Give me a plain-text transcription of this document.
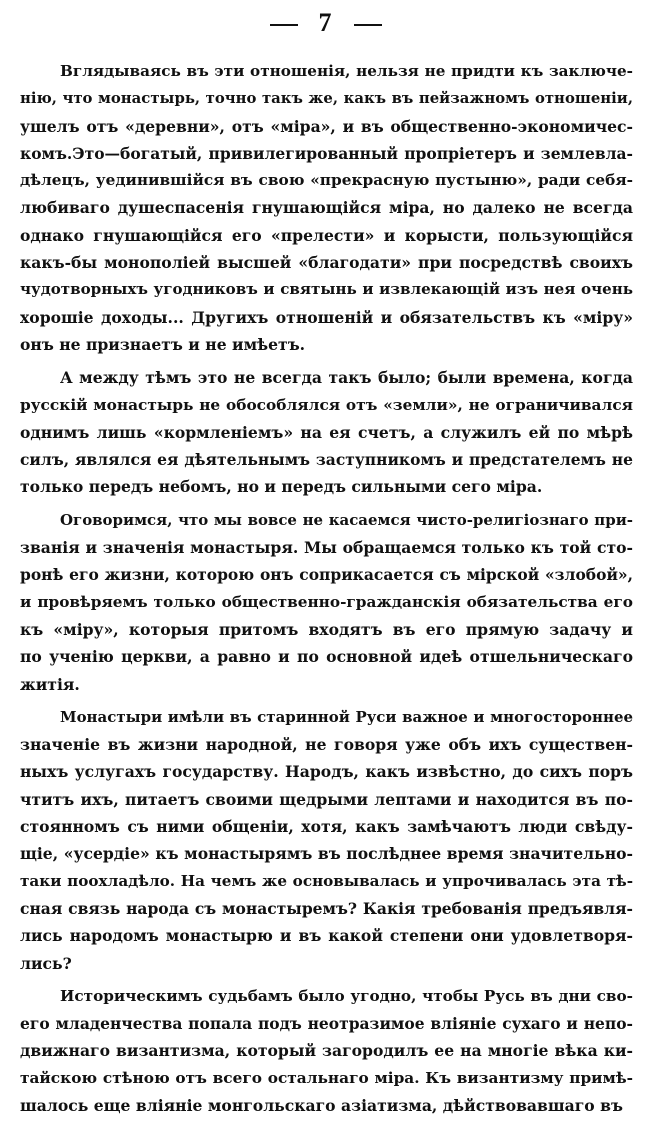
7
Вглядываясь въ эти отношенія, нельзя не придти къ заключе-
нію, что монастырь, точно такъ же, какъ въ пейзажномъ отношеніи,
ушелъ отъ «деревни», отъ «міра», и въ общественно-экономичес-
комъ.Это—богатый, привилегированный пропріетеръ и землевла-
дѣлецъ, уединившійся въ свою «прекрасную пустыню», ради себя-
любиваго душеспасенія гнушающійся міра, но далеко не всегда
однако гнушающійся его «прелести» и корысти, пользующійся
какъ-бы монополіей высшей «благодати» при посредствѣ своихъ
чудотворныхъ угодниковъ и святынь и извлекающій изъ нея очень
хорошіе доходы... Другихъ отношеній и обязательствъ къ «міру»
онъ не признаетъ и не имѣетъ.
А между тѣмъ это не всегда такъ было; были времена, когда
русскій монастырь не обособлялся отъ «земли», не ограничивался
однимъ лишь «кормленіемъ» на ея счетъ, а служилъ ей по мѣрѣ
силъ, являлся ея дѣятельнымъ заступникомъ и предстателемъ не
только передъ небомъ, но и передъ сильными сего міра.
Оговоримся, что мы вовсе не касаемся чисто-религіознаго при-
званія и значенія монастыря. Мы обращаемся только къ той сто-
ронѣ его жизни, которою онъ соприкасается съ мірской «злобой»,
и провѣряемъ только общественно-гражданскія обязательства его
къ «міру», которыя притомъ входятъ въ его прямую задачу и
по ученію церкви, а равно и по основной идеѣ отшельническаго
житія.
Монастыри имѣли въ старинной Руси важное и многостороннее
значеніе въ жизни народной, не говоря уже объ ихъ существен-
ныхъ услугахъ государству. Народъ, какъ извѣстно, до сихъ поръ
чтитъ ихъ, питаетъ своими щедрыми лептами и находится въ по-
стоянномъ съ ними общеніи, хотя, какъ замѣчаютъ люди свѣду-
щіе, «усердіе» къ монастырямъ въ послѣднее время значительно-
таки поохладѣло. На чемъ же основывалась и упрочивалась эта тѣ-
сная связь народа съ монастыремъ? Какія требованія предъявля-
лись народомъ монастырю и въ какой степени они удовлетворя-
лись?
Историческимъ судьбамъ было угодно, чтобы Русь въ дни сво-
его младенчества попала подъ неотразимое вліяніе сухаго и непо-
движнаго византизма, который загородилъ ее на многіе вѣка ки-
тайскою стѣною отъ всего остальнаго міра. Къ византизму примѣ-
шалось еще вліяніе монгольскаго азіатизма, дѣйствовавшаго въ
